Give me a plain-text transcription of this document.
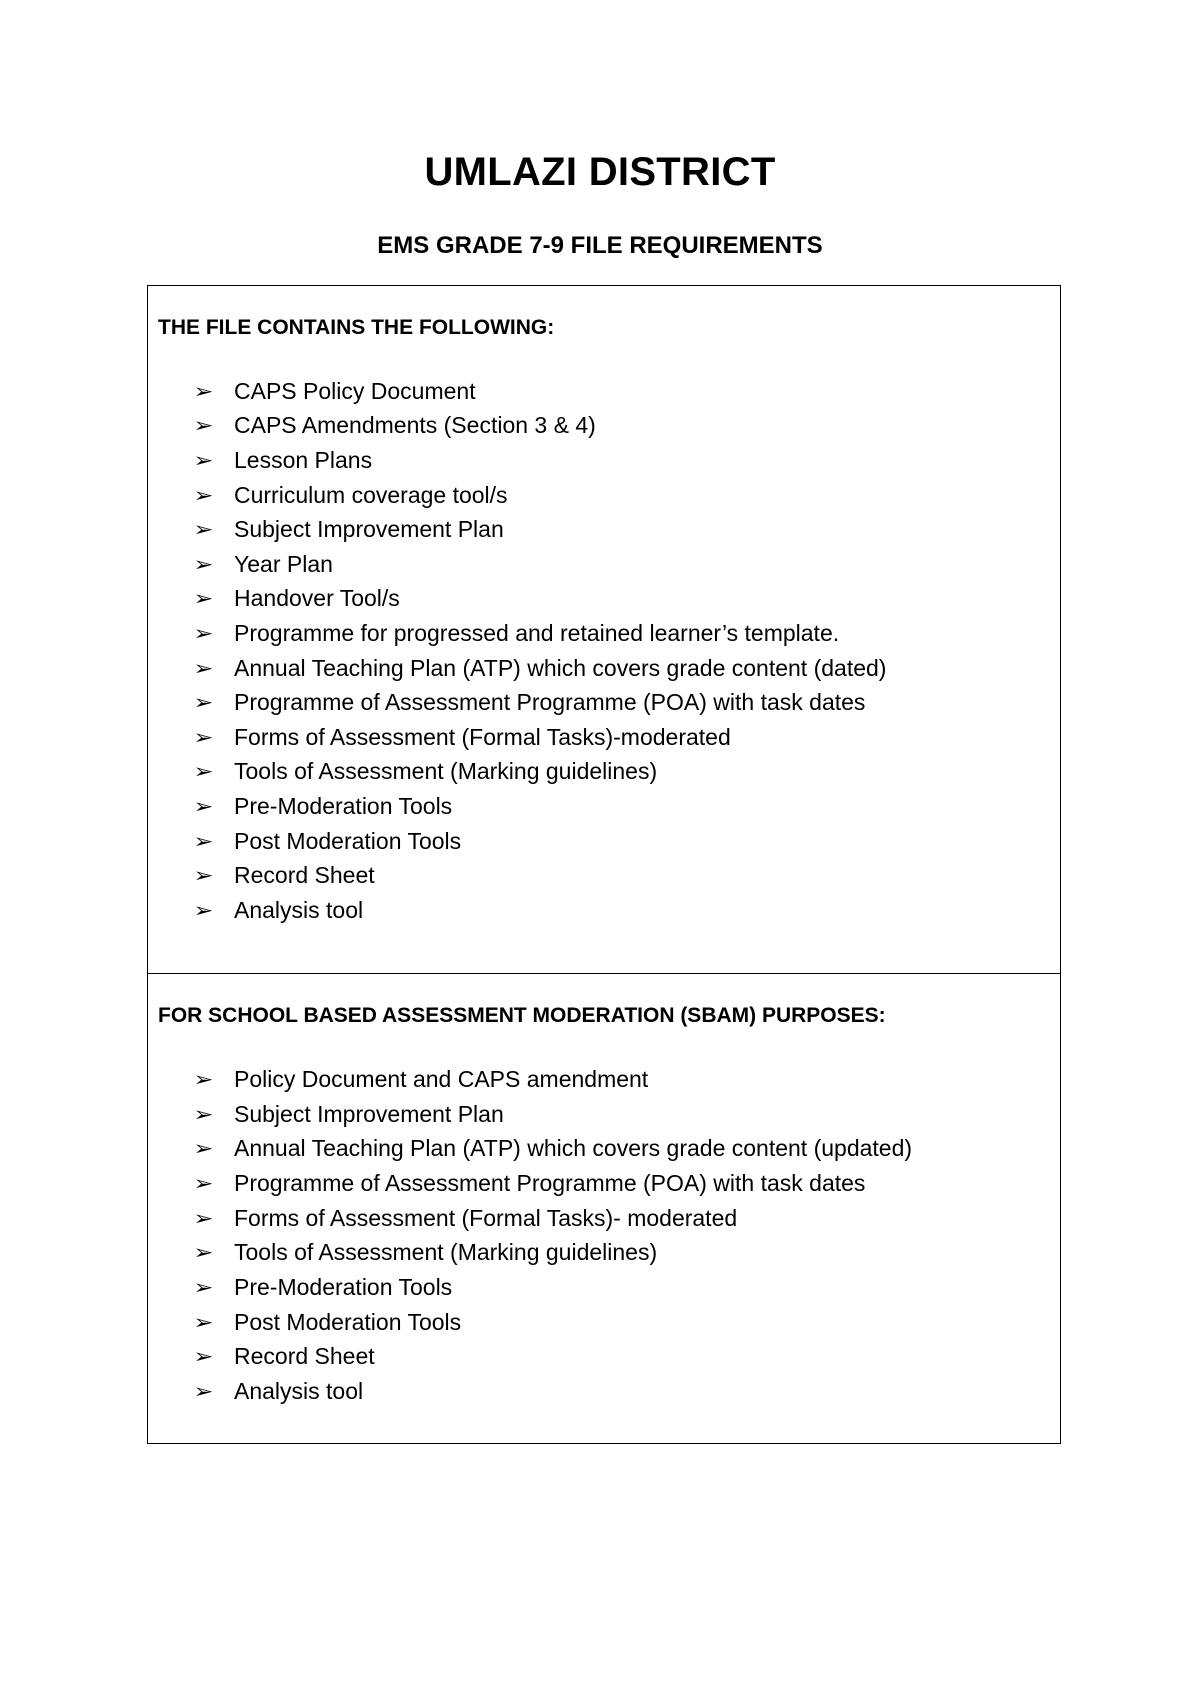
UMLAZI DISTRICT
EMS GRADE 7-9 FILE REQUIREMENTS
THE FILE CONTAINS THE FOLLOWING:
➢ CAPS Policy Document
➢ CAPS Amendments (Section 3 & 4)
➢ Lesson Plans
➢ Curriculum coverage tool/s
➢ Subject Improvement Plan
➢ Year Plan
➢ Handover Tool/s
➢ Programme for progressed and retained learner’s template.
➢ Annual Teaching Plan (ATP) which covers grade content (dated)
➢ Programme of Assessment Programme (POA) with task dates
➢ Forms of Assessment (Formal Tasks)-moderated
➢ Tools of Assessment (Marking guidelines)
➢ Pre-Moderation Tools
➢ Post Moderation Tools
➢ Record Sheet
➢ Analysis tool
FOR SCHOOL BASED ASSESSMENT MODERATION (SBAM) PURPOSES:
➢ Policy Document and CAPS amendment
➢ Subject Improvement Plan
➢ Annual Teaching Plan (ATP) which covers grade content (updated)
➢ Programme of Assessment Programme (POA) with task dates
➢ Forms of Assessment (Formal Tasks)- moderated
➢ Tools of Assessment (Marking guidelines)
➢ Pre-Moderation Tools
➢ Post Moderation Tools
➢ Record Sheet
➢ Analysis tool
